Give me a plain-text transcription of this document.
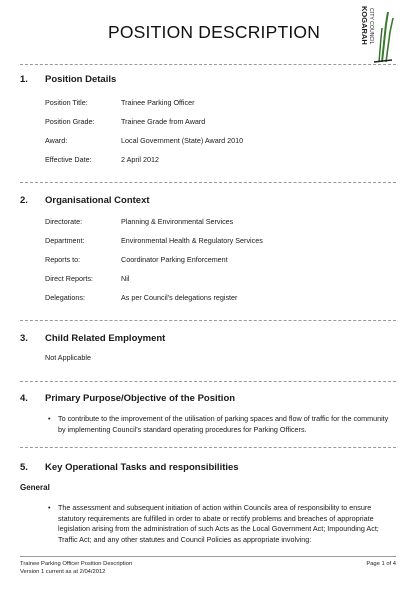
POSITION DESCRIPTION	KOGARAH CITY COUNCIL
1. Position Details
Position Title:	Trainee Parking Officer
Position Grade:	Trainee Grade from Award
Award:	Local Government (State) Award 2010
Effective Date:	2 April 2012
2. Organisational Context
Directorate:	Planning & Environmental Services
Department:	Environmental Health & Regulatory Services
Reports to:	Coordinator Parking Enforcement
Direct Reports:	Nil
Delegations:	As per Council's delegations register
3. Child Related Employment
Not Applicable
4. Primary Purpose/Objective of the Position
• To contribute to the improvement of the utilisation of parking spaces and flow of traffic for the community by implementing Council's standard operating procedures for Parking Officers.
5. Key Operational Tasks and responsibilities
General
• The assessment and subsequent initiation of action within Councils area of responsibility to ensure statutory requirements are fulfilled in order to abate or rectify problems and breaches of appropriate legislation arising from the administration of such Acts as the Local Government Act; Impounding Act; Traffic Act; and any other statutes and Council Policies as appropriate involving:
Trainee Parking Officer Position Description
Version 1 current as at 2/04/2012
Page 1 of 4
